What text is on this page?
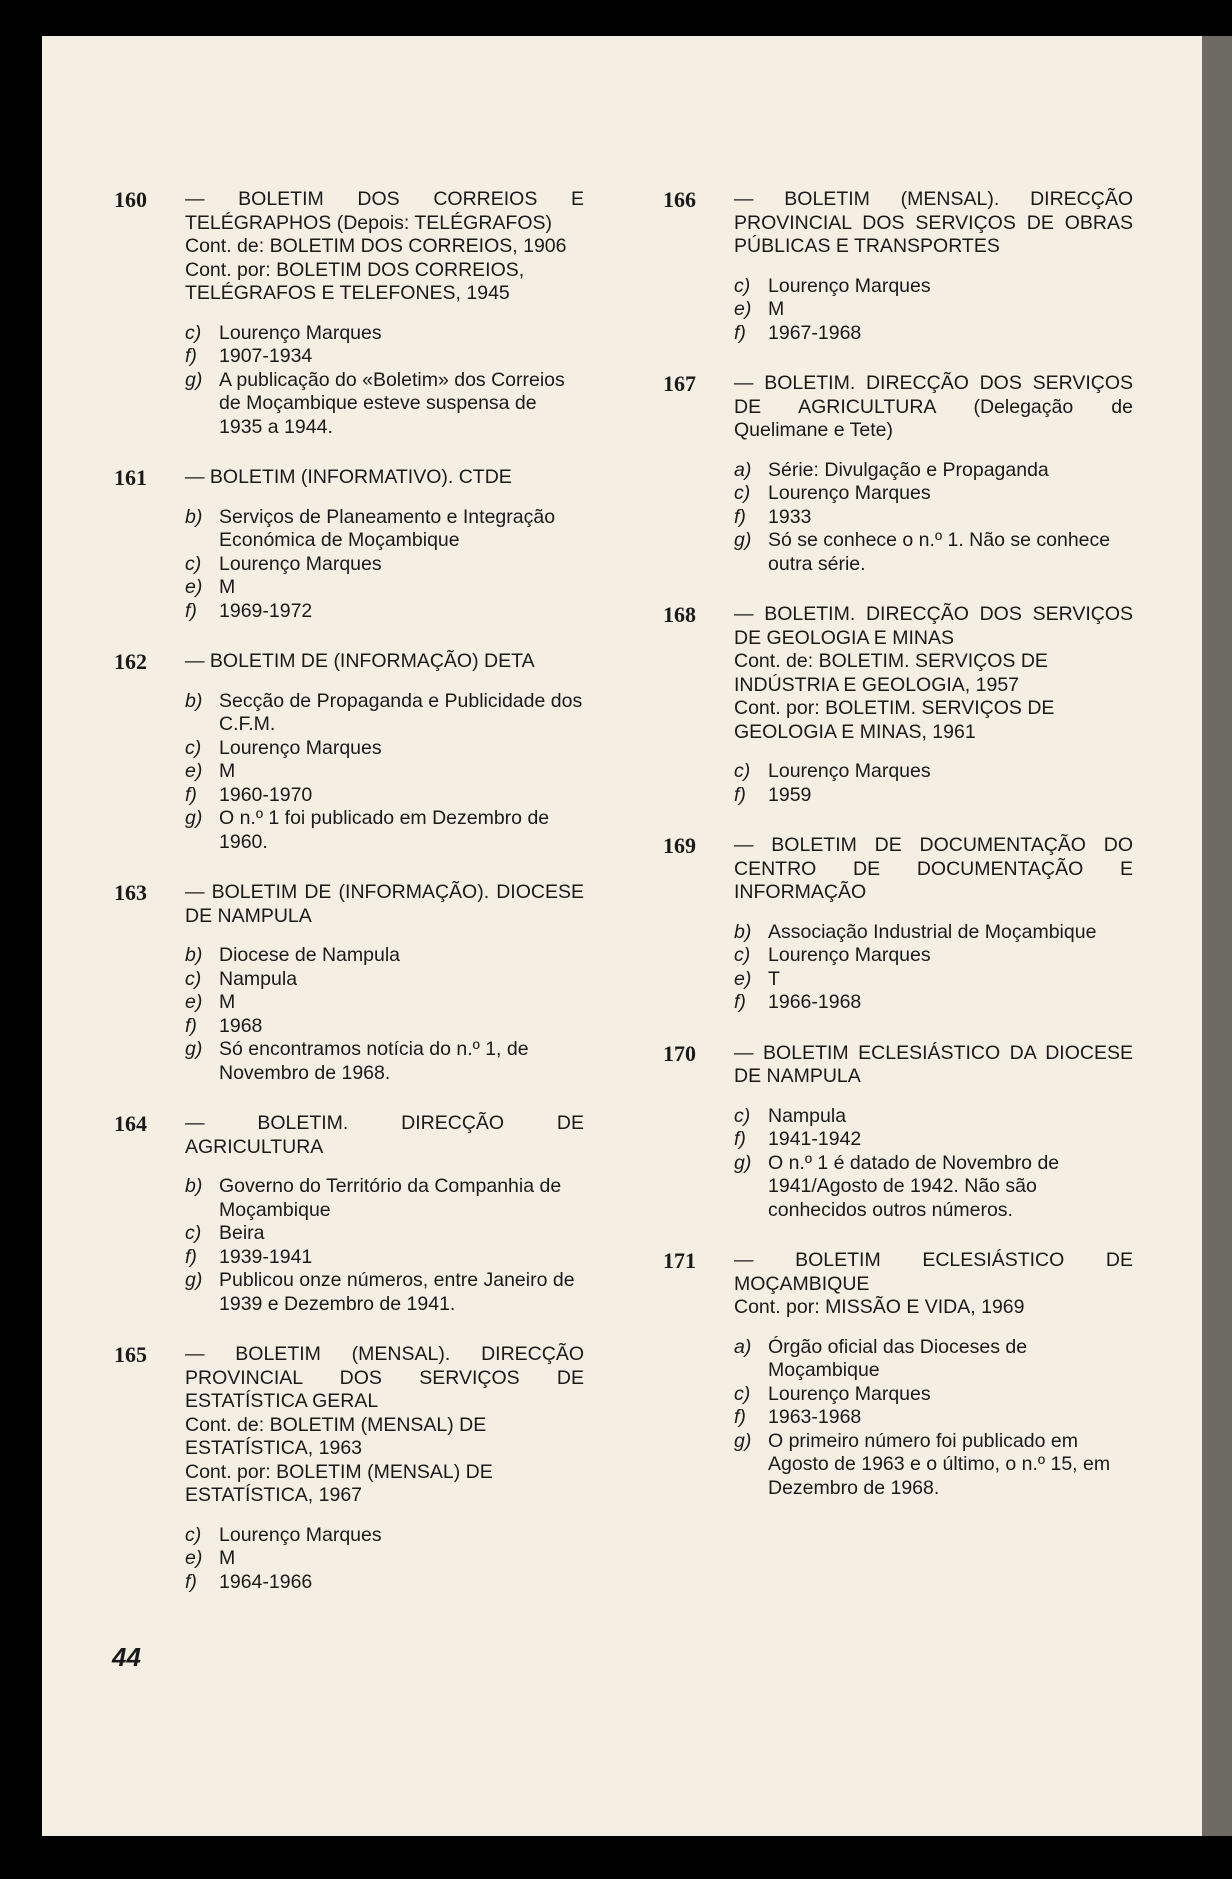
160	— BOLETIM DOS CORREIOS E TELÉGRAPHOS (Depois: TELÉGRAFOS)
Cont. de: BOLETIM DOS CORREIOS, 1906
Cont. por: BOLETIM DOS CORREIOS, TELÉGRAFOS E TELEFONES, 1945
c) Lourenço Marques
f)	1907-1934
g) A publicação do «Boletim» dos Correios de Moçambique esteve suspensa de 1935 a 1944.
161	— BOLETIM (INFORMATIVO). CTDE
b) Serviços de Planeamento e Integração Económica de Moçambique
c) Lourenço Marques
e) M
f)	1969-1972
162	— BOLETIM DE (INFORMAÇÃO) DETA
b) Secção de Propaganda e Publicidade dos C.F.M.
c) Lourenço Marques
e) M
f)	1960-1970
g) O n.º 1 foi publicado em Dezembro de 1960.
163	— BOLETIM DE (INFORMAÇÃO). DIOCESE DE NAMPULA
b) Diocese de Nampula
c) Nampula
e) M
f)	1968
g) Só encontramos notícia do n.º 1, de Novembro de 1968.
164	— BOLETIM. DIRECÇÃO DE AGRICULTURA
b) Governo do Território da Companhia de Moçambique
c) Beira
f)	1939-1941
g) Publicou onze números, entre Janeiro de 1939 e Dezembro de 1941.
165	— BOLETIM (MENSAL). DIRECÇÃO PROVINCIAL DOS SERVIÇOS DE ESTATÍSTICA GERAL
Cont. de: BOLETIM (MENSAL) DE ESTATÍSTICA, 1963
Cont. por: BOLETIM (MENSAL) DE ESTATÍSTICA, 1967
c) Lourenço Marques
e) M
f)	1964-1966
166	— BOLETIM (MENSAL). DIRECÇÃO PROVINCIAL DOS SERVIÇOS DE OBRAS PÚBLICAS E TRANSPORTES
c) Lourenço Marques
e) M
f)	1967-1968
167	— BOLETIM. DIRECÇÃO DOS SERVIÇOS DE AGRICULTURA (Delegação de Quelimane e Tete)
a) Série: Divulgação e Propaganda
c) Lourenço Marques
f)	1933
g) Só se conhece o n.º 1. Não se conhece outra série.
168	— BOLETIM. DIRECÇÃO DOS SERVIÇOS DE GEOLOGIA E MINAS
Cont. de: BOLETIM. SERVIÇOS DE INDÚSTRIA E GEOLOGIA, 1957
Cont. por: BOLETIM. SERVIÇOS DE GEOLOGIA E MINAS, 1961
c) Lourenço Marques
f)	1959
169	— BOLETIM DE DOCUMENTAÇÃO DO CENTRO DE DOCUMENTAÇÃO E INFORMAÇÃO
b) Associação Industrial de Moçambique
c) Lourenço Marques
e) T
f)	1966-1968
170	— BOLETIM ECLESIÁSTICO DA DIOCESE DE NAMPULA
c) Nampula
f)	1941-1942
g) O n.º 1 é datado de Novembro de 1941/Agosto de 1942. Não são conhecidos outros números.
171	— BOLETIM ECLESIÁSTICO DE MOÇAMBIQUE
Cont. por: MISSÃO E VIDA, 1969
a) Órgão oficial das Dioceses de Moçambique
c) Lourenço Marques
f)	1963-1968
g) O primeiro número foi publicado em Agosto de 1963 e o último, o n.º 15, em Dezembro de 1968.
44
